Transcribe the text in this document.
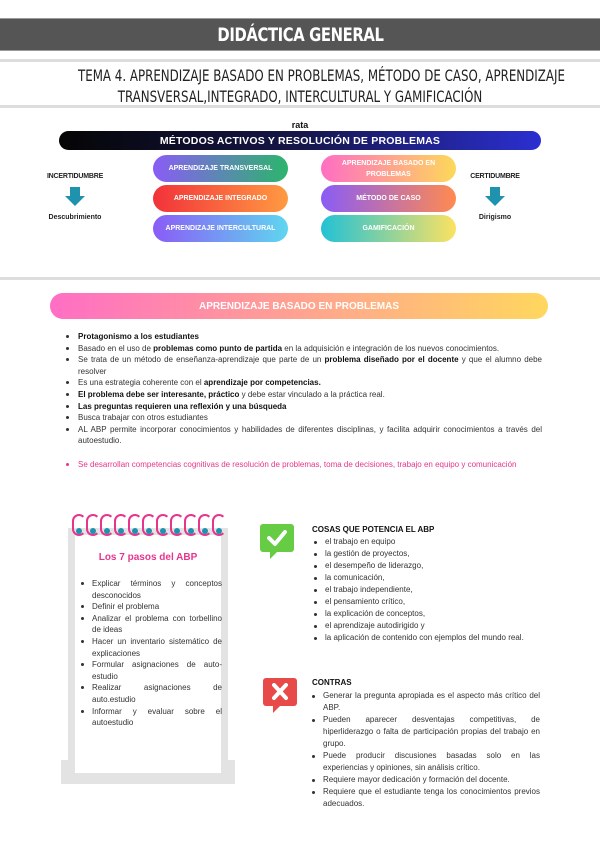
DIDÁCTICA GENERAL
TEMA 4. APRENDIZAJE BASADO EN PROBLEMAS, MÉTODO DE CASO, APRENDIZAJE
TRANSVERSAL,INTEGRADO, INTERCULTURAL Y GAMIFICACIÓN
rata
MÉTODOS ACTIVOS Y RESOLUCIÓN DE PROBLEMAS
INCERTIDUMBRE
Descubrimiento
CERTIDUMBRE
Dirigismo
APRENDIZAJE TRANSVERSAL
APRENDIZAJE INTEGRADO
APRENDIZAJE INTERCULTURAL
APRENDIZAJE BASADO EN PROBLEMAS
MÉTODO DE CASO
GAMIFICACIÓN
APRENDIZAJE BASADO EN PROBLEMAS
Protagonismo a los estudiantes
Basado en el uso de problemas como punto de partida en la adquisición e integración de los nuevos conocimientos.
Se trata de un método de enseñanza-aprendizaje que parte de un problema diseñado por el docente y que el alumno debe resolver
Es una estrategia coherente con el aprendizaje por competencias.
El problema debe ser interesante, práctico y debe estar vinculado a la práctica real.
Las preguntas requieren una reflexión y una búsqueda
Busca trabajar con otros estudiantes
AL ABP permite incorporar conocimientos y habilidades de diferentes disciplinas, y facilita adquirir conocimientos a través del autoestudio.
Se desarrollan competencias cognitivas de resolución de problemas, toma de decisiones, trabajo en equipo y comunicación
Los 7 pasos del ABP
Explicar términos y conceptos desconocidos
Definir el problema
Analizar el problema con torbellino de ideas
Hacer un inventario sistemático de explicaciones
Formular asignaciones de auto-estudio
Realizar asignaciones de auto.estudio
Informar y evaluar sobre el autoestudio
COSAS QUE POTENCIA EL ABP
el trabajo en equipo
la gestión de proyectos,
el desempeño de liderazgo,
la comunicación,
el trabajo independiente,
el pensamiento crítico,
la explicación de conceptos,
el aprendizaje autodirigido y
la aplicación de contenido con ejemplos del mundo real.
CONTRAS
Generar la pregunta apropiada es el aspecto más crítico del ABP.
Pueden aparecer desventajas competitivas, de hiperliderazgo o falta de participación propias del trabajo en grupo.
Puede producir discusiones basadas solo en las experiencias y opiniones, sin análisis crítico.
Requiere mayor dedicación y formación del docente.
Requiere que el estudiante tenga los conocimientos previos adecuados.
